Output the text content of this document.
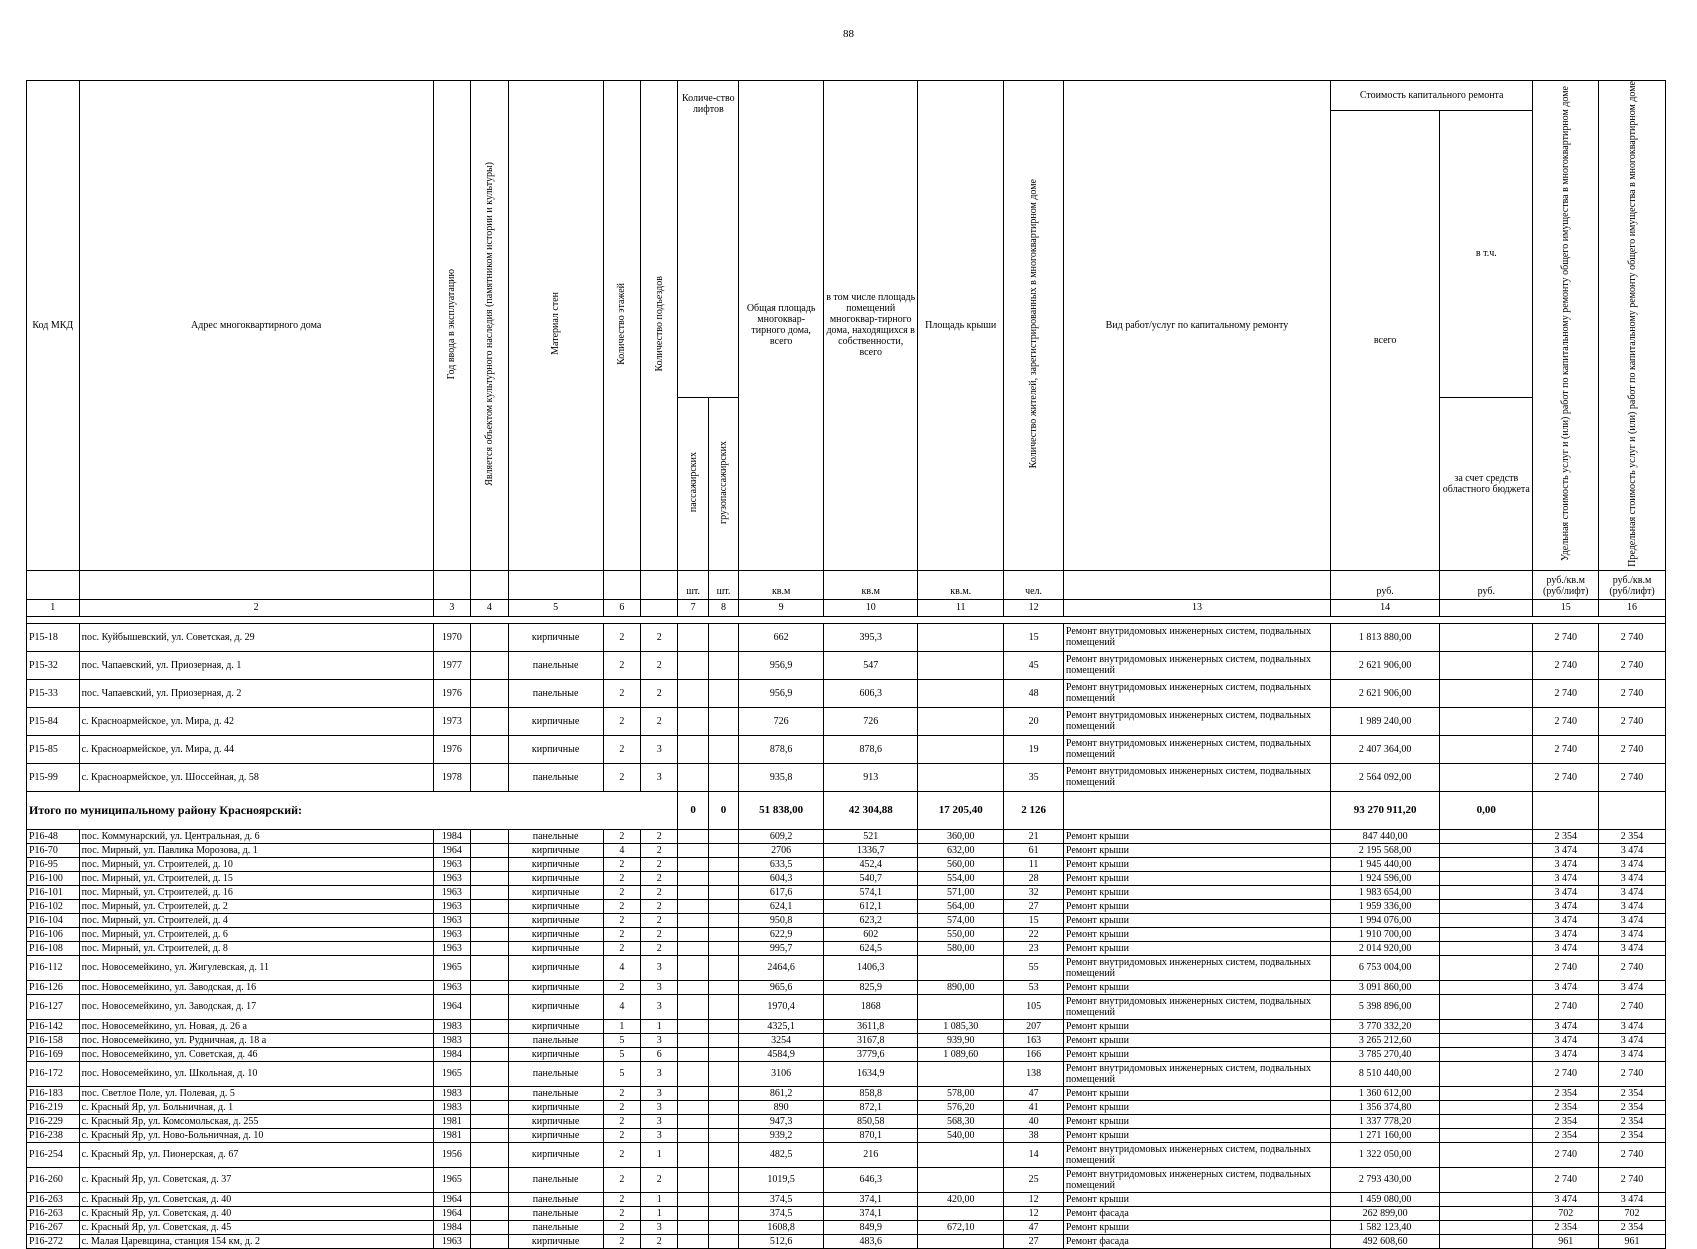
88
Код МКД	Адрес многоквартирного дома	Год ввода в эксплуатацию	Является объектом культурного наследия (памятником истории и культуры)	Материал стен	Количество этажей	Количество подъездов	Количе-ство лифтов		Общая площадь многоквар-тирного дома, всего	в том числе площадь помещений многоквар-тирного дома, находящихся в собственности, всего	Площадь крыши	Количество жителей, зарегистрированных в многоквартирном доме	Вид работ/услуг по капитальному ремонту	Стоимость капитального ремонта		Удельная стоимость услуг и (или) работ по капитальному ремонту общего имущества в многоквартирном доме	Предельная стоимость услуг и (или) работ по капитальному ремонту общего имущества в многоквартирном доме
														всего	в т.ч.		
							пассажирских	грузопассажирских							за счет средств областного бюджета		
							шт.	шт.	кв.м	кв.м	кв.м.	чел.		руб.	руб.	руб./кв.м (руб/лифт)	руб./кв.м (руб/лифт)
1	2	3	4	5	6		7	8	9	10	11	12	13	14		15	16

Р15-18	пос. Куйбышевский, ул. Советская, д. 29	1970		кирпичные	2	2			662	395,3		15	Ремонт внутридомовых инженерных систем, подвальных помещений	1 813 880,00		2 740	2 740
Р15-32	пос. Чапаевский, ул. Приозерная, д. 1	1977		панельные	2	2			956,9	547		45	Ремонт внутридомовых инженерных систем, подвальных помещений	2 621 906,00		2 740	2 740
Р15-33	пос. Чапаевский, ул. Приозерная, д. 2	1976		панельные	2	2			956,9	606,3		48	Ремонт внутридомовых инженерных систем, подвальных помещений	2 621 906,00		2 740	2 740
Р15-84	с. Красноармейское, ул. Мира, д. 42	1973		кирпичные	2	2			726	726		20	Ремонт внутридомовых инженерных систем, подвальных помещений	1 989 240,00		2 740	2 740
Р15-85	с. Красноармейское, ул. Мира, д. 44	1976		кирпичные	2	3			878,6	878,6		19	Ремонт внутридомовых инженерных систем, подвальных помещений	2 407 364,00		2 740	2 740
Р15-99	с. Красноармейское, ул. Шоссейная, д. 58	1978		панельные	2	3			935,8	913		35	Ремонт внутридомовых инженерных систем, подвальных помещений	2 564 092,00		2 740	2 740
Итого по муниципальному району Красноярский:							0	0	51 838,00	42 304,88	17 205,40	2 126		93 270 911,20	0,00		
Р16-48	пос. Коммунарский, ул. Центральная, д. 6	1984		панельные	2	2			609,2	521	360,00	21	Ремонт крыши	847 440,00		2 354	2 354
Р16-70	пос. Мирный, ул. Павлика Морозова, д. 1	1964		кирпичные	4	2			2706	1336,7	632,00	61	Ремонт крыши	2 195 568,00		3 474	3 474
Р16-95	пос. Мирный, ул. Строителей, д. 10	1963		кирпичные	2	2			633,5	452,4	560,00	11	Ремонт крыши	1 945 440,00		3 474	3 474
Р16-100	пос. Мирный, ул. Строителей, д. 15	1963		кирпичные	2	2			604,3	540,7	554,00	28	Ремонт крыши	1 924 596,00		3 474	3 474
Р16-101	пос. Мирный, ул. Строителей, д. 16	1963		кирпичные	2	2			617,6	574,1	571,00	32	Ремонт крыши	1 983 654,00		3 474	3 474
Р16-102	пос. Мирный, ул. Строителей, д. 2	1963		кирпичные	2	2			624,1	612,1	564,00	27	Ремонт крыши	1 959 336,00		3 474	3 474
Р16-104	пос. Мирный, ул. Строителей, д. 4	1963		кирпичные	2	2			950,8	623,2	574,00	15	Ремонт крыши	1 994 076,00		3 474	3 474
Р16-106	пос. Мирный, ул. Строителей, д. 6	1963		кирпичные	2	2			622,9	602	550,00	22	Ремонт крыши	1 910 700,00		3 474	3 474
Р16-108	пос. Мирный, ул. Строителей, д. 8	1963		кирпичные	2	2			995,7	624,5	580,00	23	Ремонт крыши	2 014 920,00		3 474	3 474
Р16-112	пос. Новосемейкино, ул. Жигулевская, д. 11	1965		кирпичные	4	3			2464,6	1406,3		55	Ремонт внутридомовых инженерных систем, подвальных помещений	6 753 004,00		2 740	2 740
Р16-126	пос. Новосемейкино, ул. Заводская, д. 16	1963		кирпичные	2	3			965,6	825,9	890,00	53	Ремонт крыши	3 091 860,00		3 474	3 474
Р16-127	пос. Новосемейкино, ул. Заводская, д. 17	1964		кирпичные	4	3			1970,4	1868		105	Ремонт внутридомовых инженерных систем, подвальных помещений	5 398 896,00		2 740	2 740
Р16-142	пос. Новосемейкино, ул. Новая, д. 26 а	1983		кирпичные	1	1			4325,1	3611,8	1 085,30	207	Ремонт крыши	3 770 332,20		3 474	3 474
Р16-158	пос. Новосемейкино, ул. Рудничная, д. 18 а	1983		панельные	5	3			3254	3167,8	939,90	163	Ремонт крыши	3 265 212,60		3 474	3 474
Р16-169	пос. Новосемейкино, ул. Советская, д. 46	1984		кирпичные	5	6			4584,9	3779,6	1 089,60	166	Ремонт крыши	3 785 270,40		3 474	3 474
Р16-172	пос. Новосемейкино, ул. Школьная, д. 10	1965		панельные	5	3			3106	1634,9		138	Ремонт внутридомовых инженерных систем, подвальных помещений	8 510 440,00		2 740	2 740
Р16-183	пос. Светлое Поле, ул. Полевая, д. 5	1983		панельные	2	3			861,2	858,8	578,00	47	Ремонт крыши	1 360 612,00		2 354	2 354
Р16-219	с. Красный Яр, ул. Больничная, д. 1	1983		кирпичные	2	3			890	872,1	576,20	41	Ремонт крыши	1 356 374,80		2 354	2 354
Р16-229	с. Красный Яр, ул. Комсомольская, д. 255	1981		кирпичные	2	3			947,3	850,58	568,30	40	Ремонт крыши	1 337 778,20		2 354	2 354
Р16-238	с. Красный Яр, ул. Ново-Больничная, д. 10	1981		кирпичные	2	3			939,2	870,1	540,00	38	Ремонт крыши	1 271 160,00		2 354	2 354
Р16-254	с. Красный Яр, ул. Пионерская, д. 67	1956		кирпичные	2	1			482,5	216		14	Ремонт внутридомовых инженерных систем, подвальных помещений	1 322 050,00		2 740	2 740
Р16-260	с. Красный Яр, ул. Советская, д. 37	1965		панельные	2	2			1019,5	646,3		25	Ремонт внутридомовых инженерных систем, подвальных помещений	2 793 430,00		2 740	2 740
Р16-263	с. Красный Яр, ул. Советская, д. 40	1964		панельные	2	1			374,5	374,1	420,00	12	Ремонт крыши	1 459 080,00		3 474	3 474
Р16-263	с. Красный Яр, ул. Советская, д. 40	1964		панельные	2	1			374,5	374,1		12	Ремонт фасада	262 899,00		702	702
Р16-267	с. Красный Яр, ул. Советская, д. 45	1984		панельные	2	3			1608,8	849,9	672,10	47	Ремонт крыши	1 582 123,40		2 354	2 354
Р16-272	с. Малая Царевщина, станция 154 км, д. 2	1963		кирпичные	2	2			512,6	483,6		27	Ремонт фасада	492 608,60		961	961
